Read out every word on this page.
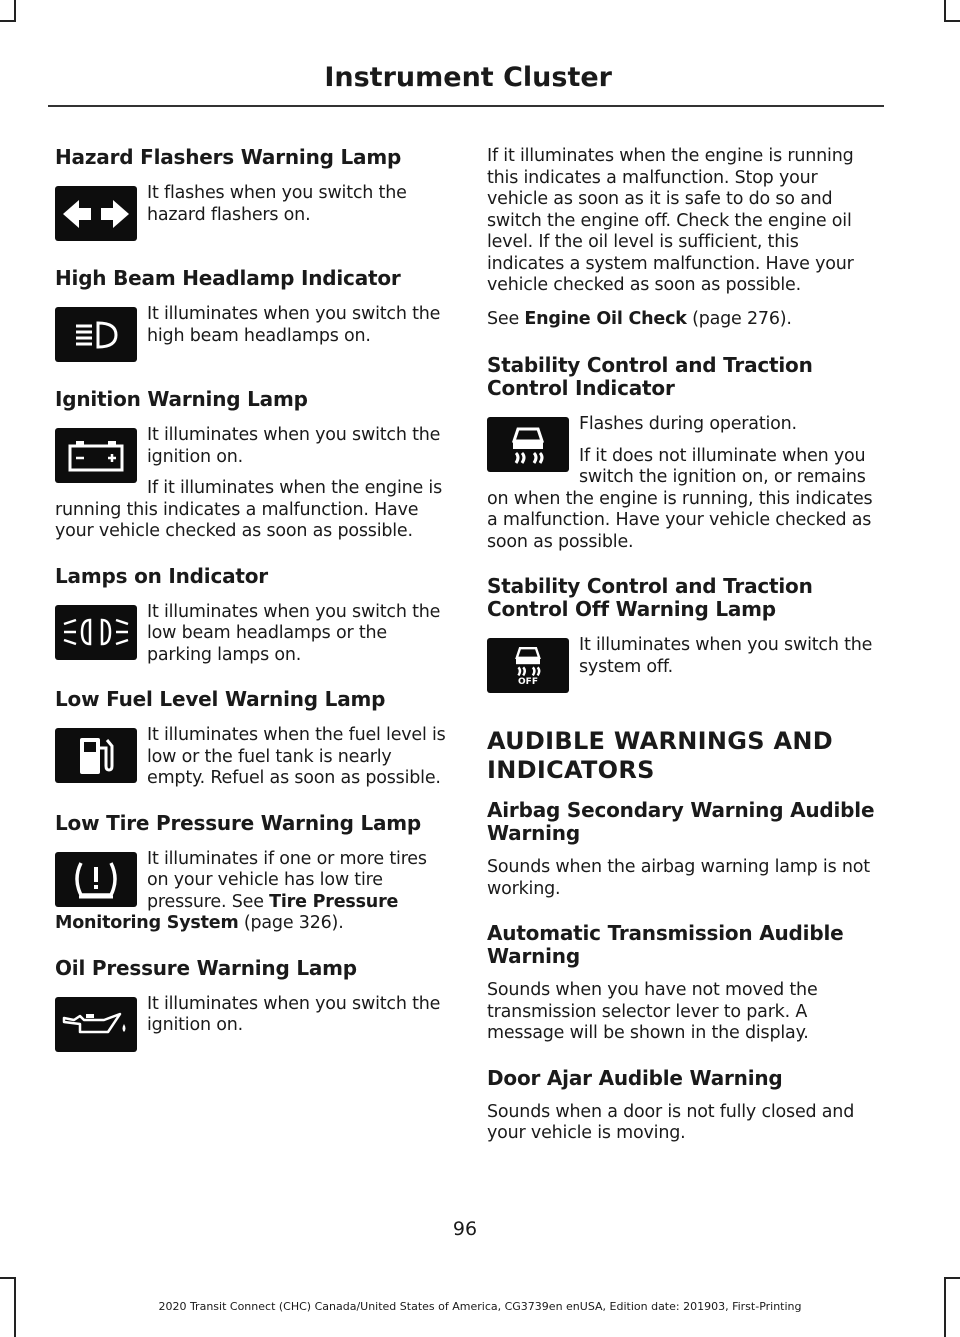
Instrument Cluster
Hazard Flashers Warning Lamp

It flashes when you switch the hazard flashers on.

High Beam Headlamp Indicator

It illuminates when you switch the high beam headlamps on.

Ignition Warning Lamp

It illuminates when you switch the ignition on.

If it illuminates when the engine is running this indicates a malfunction. Have your vehicle checked as soon as possible.

Lamps on Indicator

It illuminates when you switch the low beam headlamps or the parking lamps on.

Low Fuel Level Warning Lamp

It illuminates when the fuel level is low or the fuel tank is nearly empty. Refuel as soon as possible.

Low Tire Pressure Warning Lamp

It illuminates if one or more tires on your vehicle has low tire pressure. See Tire Pressure Monitoring System (page 326).

Oil Pressure Warning Lamp

It illuminates when you switch the ignition on.

If it illuminates when the engine is running this indicates a malfunction. Stop your vehicle as soon as it is safe to do so and switch the engine off. Check the engine oil level. If the oil level is sufficient, this indicates a system malfunction. Have your vehicle checked as soon as possible.

See Engine Oil Check (page 276).

Stability Control and Traction Control Indicator

Flashes during operation.

If it does not illuminate when you switch the ignition on, or remains on when the engine is running, this indicates a malfunction. Have your vehicle checked as soon as possible.

Stability Control and Traction Control Off Warning Lamp
OFF

It illuminates when you switch the system off.

AUDIBLE WARNINGS AND INDICATORS
Airbag Secondary Warning Audible Warning

Sounds when the airbag warning lamp is not working.

Automatic Transmission Audible Warning

Sounds when you have not moved the transmission selector lever to park. A message will be shown in the display.

Door Ajar Audible Warning

Sounds when a door is not fully closed and your vehicle is moving.

96
2020 Transit Connect (CHC) Canada/United States of America, CG3739en enUSA, Edition date: 201903, First-Printing
